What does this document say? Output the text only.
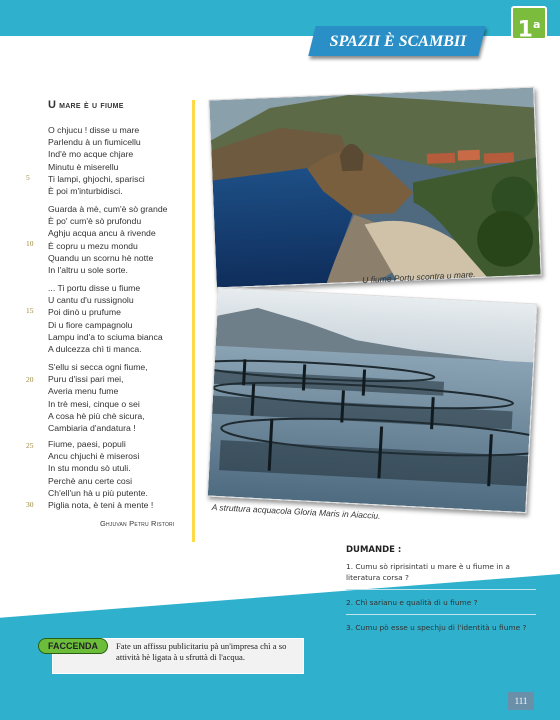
1$^a$
SPAZII È SCAMBII
U mare è u fiume
O chjucu ! disse u mare
Parlendu à un fiumicellu
Ind'è mo acque chjare
Minutu è miserellu
Ti lampi, ghjochi, sparisci
È poi m'inturbidisci.
Guarda à mè, cum'è sò grande
È po' cum'è sò prufondu
Aghju acqua ancu à rivende
È copru u mezu mondu
Quandu un scornu hè notte
In l'altru u sole sorte.
... Ti portu disse u fiume
U cantu d'u russignolu
Poi dinò u prufume
Di u fiore campagnolu
Lampu ind'a to sciuma bianca
A dulcezza chì ti manca.
S'ellu si secca ogni fiume,
Puru d'issi pari mei,
Averia menu fume
In trè mesi, cinque o sei
A cosa hè più chè sicura,
Cambiaria d'andatura !
Fiume, paesi, populi
Ancu chjuchi è miserosi
In stu mondu sò utuli.
Perchè anu certe cosi
Ch'ell'un hà u più putente.
Piglia nota, è teni à mente !
5
10
15
20
25
30
Ghjuvan Petru Ristori
U fiume Portu scontra u mare.
A struttura acquacola Gloria Maris in Aiacciu.
DUMANDE :
1. Cumu sò riprisintati u mare è u fiume in a literatura corsa ?
2. Chì sarianu e qualità di u fiume ?
3. Cumu pò esse u spechju di l'identità u fiume ?
FACCENDA	Fate un affissu publicitariu pà un'impresa chì a so attività hè ligata à u sfruttà di l'acqua.
111
